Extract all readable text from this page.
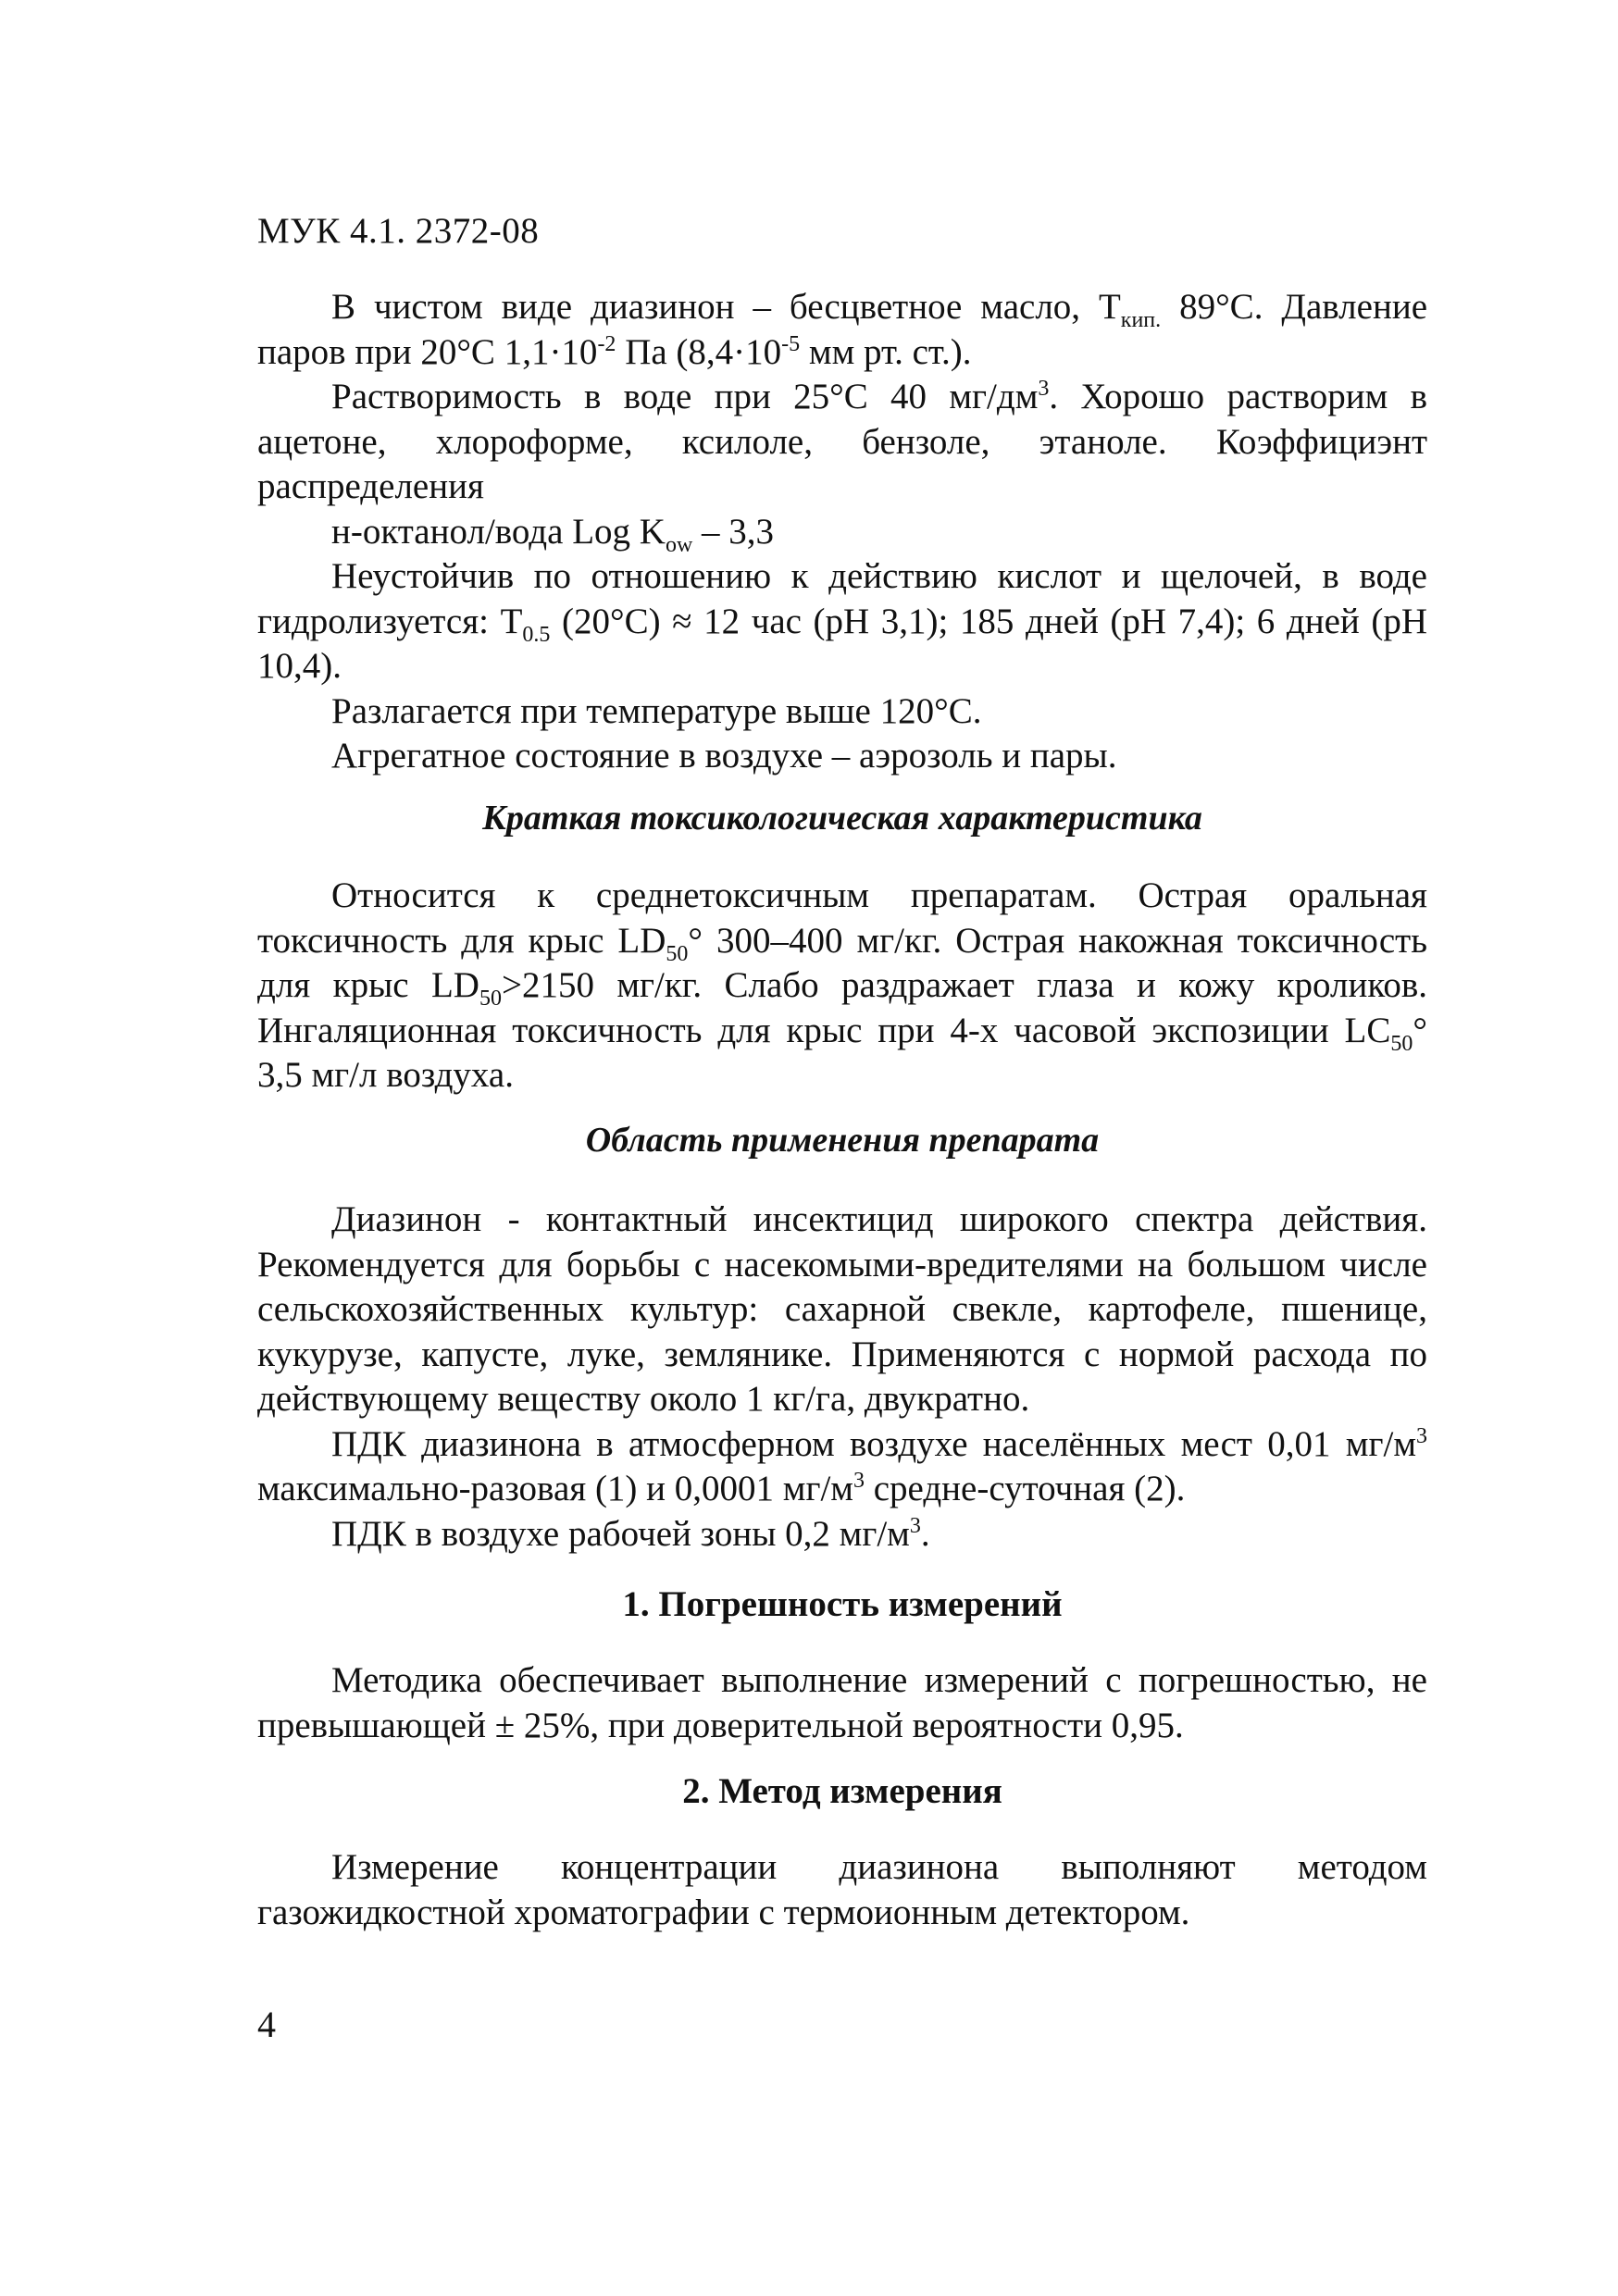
МУК 4.1. 2372-08

В чистом виде диазинон – бесцветное масло, $Т_{кип.}$ 89°С. Давление паров при 20°С $1,1\cdot 10^{-2}$ Па ($8,4\cdot 10^{-5}$ мм рт. ст.).

Растворимость в воде при 25°С 40 $мг/дм^3$. Хорошо растворим в ацетоне, хлороформе, ксилоле, бензоле, этаноле. Коэффициэнт распределения

н-октанол/вода Log $K_{ow} - 3,3$

Неустойчив по отношению к действию кислот и щелочей, в воде гидролизуется: $Т_{0.5}$ (20°С) ≈ 12 час (рН 3,1); 185 дней (рН 7,4); 6 дней (рН 10,4).

Разлагается при температуре выше 120°С.

Агрегатное состояние в воздухе – аэрозоль и пары.

Краткая токсикологическая характеристика

Относится к среднетоксичным препаратам. Острая оральная токсичность для крыс $LD_{50}^\circ$ 300–400 мг/кг. Острая накожная токсичность для крыс $LD_{50}>2150$ мг/кг. Слабо раздражает глаза и кожу кроликов. Ингаляционная токсичность для крыс при 4-х часовой экспозиции $LC_{50}^\circ$ 3,5 мг/л воздуха.

Область применения препарата

Диазинон - контактный инсектицид широкого спектра действия. Рекомендуется для борьбы с насекомыми-вредителями на большом числе сельскохозяйственных культур: сахарной свекле, картофеле, пшенице, кукурузе, капусте, луке, землянике. Применяются с нормой расхода по действующему веществу около 1 кг/га, двукратно.

ПДК диазинона в атмосферном воздухе населённых мест 0,01 $мг/м^3$ максимально-разовая (1) и 0,0001 $мг/м^3$ средне-суточная (2).

ПДК в воздухе рабочей зоны 0,2 $мг/м^3$.

1. Погрешность измерений

Методика обеспечивает выполнение измерений с погрешностью, не превышающей ± 25%, при доверительной вероятности 0,95.

2. Метод измерения

Измерение концентрации диазинона выполняют методом газожидкостной хроматографии с термоионным детектором.

4
